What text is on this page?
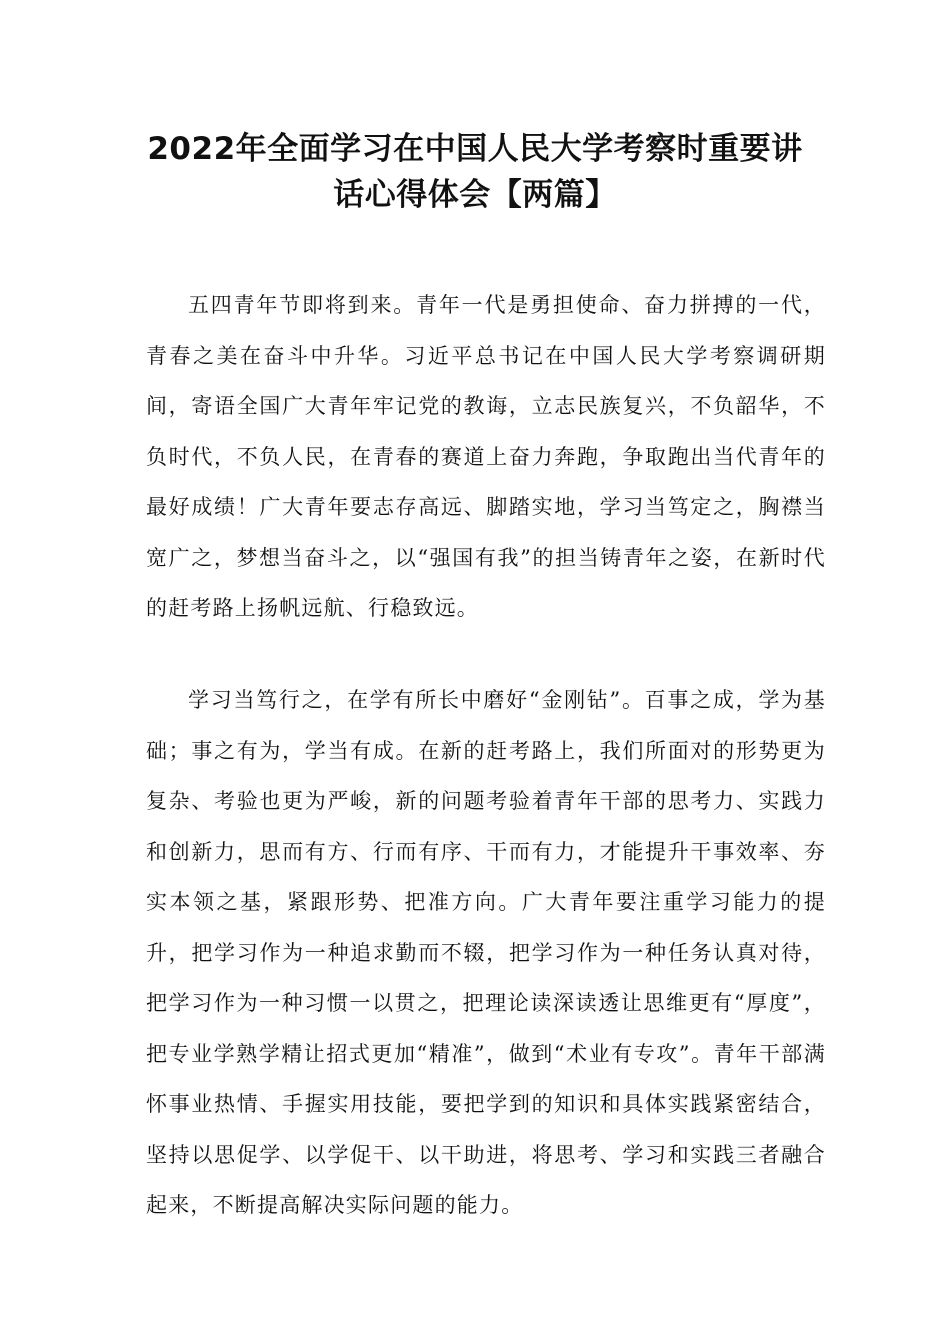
2022年全面学习在中国人民大学考察时重要讲
话心得体会【两篇】

五四青年节即将到来。青年一代是勇担使命、奋力拼搏的一代，青春之美在奋斗中升华。习近平总书记在中国人民大学考察调研期间，寄语全国广大青年牢记党的教诲，立志民族复兴，不负韶华，不负时代，不负人民，在青春的赛道上奋力奔跑，争取跑出当代青年的最好成绩！广大青年要志存高远、脚踏实地，学习当笃定之，胸襟当宽广之，梦想当奋斗之，以“强国有我”的担当铸青年之姿，在新时代的赶考路上扬帆远航、行稳致远。

学习当笃行之，在学有所长中磨好“金刚钻”。百事之成，学为基础；事之有为，学当有成。在新的赶考路上，我们所面对的形势更为复杂、考验也更为严峻，新的问题考验着青年干部的思考力、实践力和创新力，思而有方、行而有序、干而有力，才能提升干事效率、夯实本领之基，紧跟形势、把准方向。广大青年要注重学习能力的提升，把学习作为一种追求勤而不辍，把学习作为一种任务认真对待，把学习作为一种习惯一以贯之，把理论读深读透让思维更有“厚度”，把专业学熟学精让招式更加“精准”，做到“术业有专攻”。青年干部满怀事业热情、手握实用技能，要把学到的知识和具体实践紧密结合，坚持以思促学、以学促干、以干助进，将思考、学习和实践三者融合起来，不断提高解决实际问题的能力。
